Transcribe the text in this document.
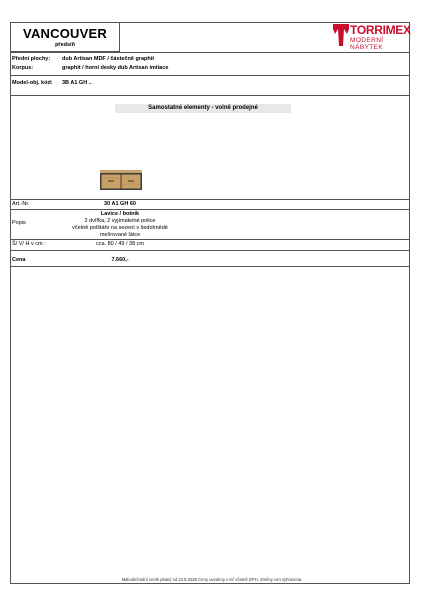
VANCOUVER
předsíň
TORRIMEX
MODERNÍ NÁBYTEK
Přední plochy: dub Artisan MDF / částečně graphit
Korpus:	graphit / horní desky dub Artisan imitace
Model-obj. kód: 3B A1 GH ..
Samostatné elementy - volně prodejné
Art.-Nr.	30 A1 GH 60
Lavice / botník
Popis	2 dvířka, 2 vyjímatelné police
včetně polštáře na sezení v šedohnědé
melírované látce
Š/ V/ H v cm :	cca. 80 / 49 / 38 cm
Cena	7.660,-
Maloobchodní ceník platný od 22.8.2026 Ceny uvedeny v Kč včetně DPH. Změny cen vyhrazena.
